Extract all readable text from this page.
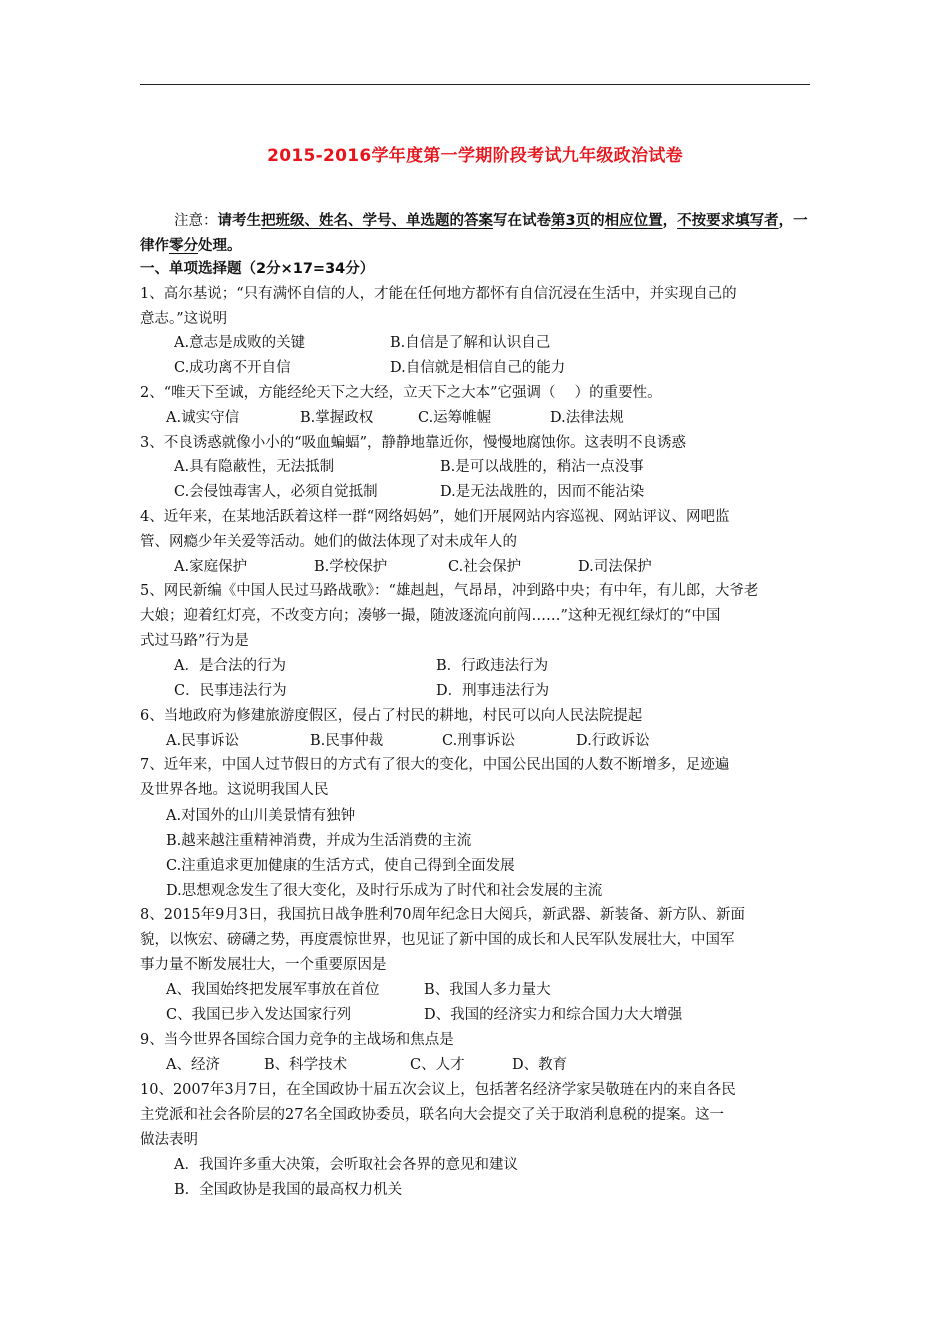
2015-2016学年度第一学期阶段考试九年级政治试卷
注意：请考生把班级、姓名、学号、单选题的答案写在试卷第3页的相应位置，不按要求填写者，一律作零分处理。
一、单项选择题（2分×17=34分）
1、高尔基说；“只有满怀自信的人，才能在任何地方都怀有自信沉浸在生活中，并实现自己的
意志。”这说明
A.意志是成败的关键	B.自信是了解和认识自己
C.成功离不开自信	D.自信就是相信自己的能力
2、“唯天下至诚，方能经纶天下之大经，立天下之大本”它强调（　 ）的重要性。
A.诚实守信	B.掌握政权	C.运筹帷幄	D.法律法规
3、不良诱惑就像小小的“吸血蝙蝠”，静静地靠近你，慢慢地腐蚀你。这表明不良诱惑
A.具有隐蔽性，无法抵制	B.是可以战胜的，稍沾一点没事
C.会侵蚀毒害人，必须自觉抵制	D.是无法战胜的，因而不能沾染
4、近年来，在某地活跃着这样一群“网络妈妈”，她们开展网站内容巡视、网站评议、网吧监
管、网瘾少年关爱等活动。她们的做法体现了对未成年人的
A.家庭保护	B.学校保护	C.社会保护	D.司法保护
5、网民新编《中国人民过马路战歌》：“雄赳赳，气昂昂，冲到路中央；有中年，有儿郎，大爷老
大娘；迎着红灯亮，不改变方向；凑够一撮，随波逐流向前闯……”这种无视红绿灯的“中国
式过马路”行为是
A．是合法的行为	B．行政违法行为
C．民事违法行为	D．刑事违法行为
6、当地政府为修建旅游度假区，侵占了村民的耕地，村民可以向人民法院提起
A.民事诉讼	B.民事仲裁	C.刑事诉讼	D.行政诉讼
7、近年来，中国人过节假日的方式有了很大的变化，中国公民出国的人数不断增多，足迹遍
及世界各地。这说明我国人民
A.对国外的山川美景情有独钟
B.越来越注重精神消费，并成为生活消费的主流
C.注重追求更加健康的生活方式，使自己得到全面发展
D.思想观念发生了很大变化，及时行乐成为了时代和社会发展的主流
8、2015年9月3日，我国抗日战争胜利70周年纪念日大阅兵，新武器、新装备、新方队、新面
貌，以恢宏、磅礴之势，再度震惊世界，也见证了新中国的成长和人民军队发展壮大，中国军
事力量不断发展壮大，一个重要原因是
A、我国始终把发展军事放在首位	B、我国人多力量大
C、我国已步入发达国家行列	D、我国的经济实力和综合国力大大增强
9、当今世界各国综合国力竞争的主战场和焦点是
A、经济	B、科学技术	C、人才	D、教育
10、2007年3月7日，在全国政协十届五次会议上，包括著名经济学家吴敬琏在内的来自各民
主党派和社会各阶层的27名全国政协委员，联名向大会提交了关于取消利息税的提案。这一
做法表明
A．我国许多重大决策，会听取社会各界的意见和建议
B．全国政协是我国的最高权力机关
